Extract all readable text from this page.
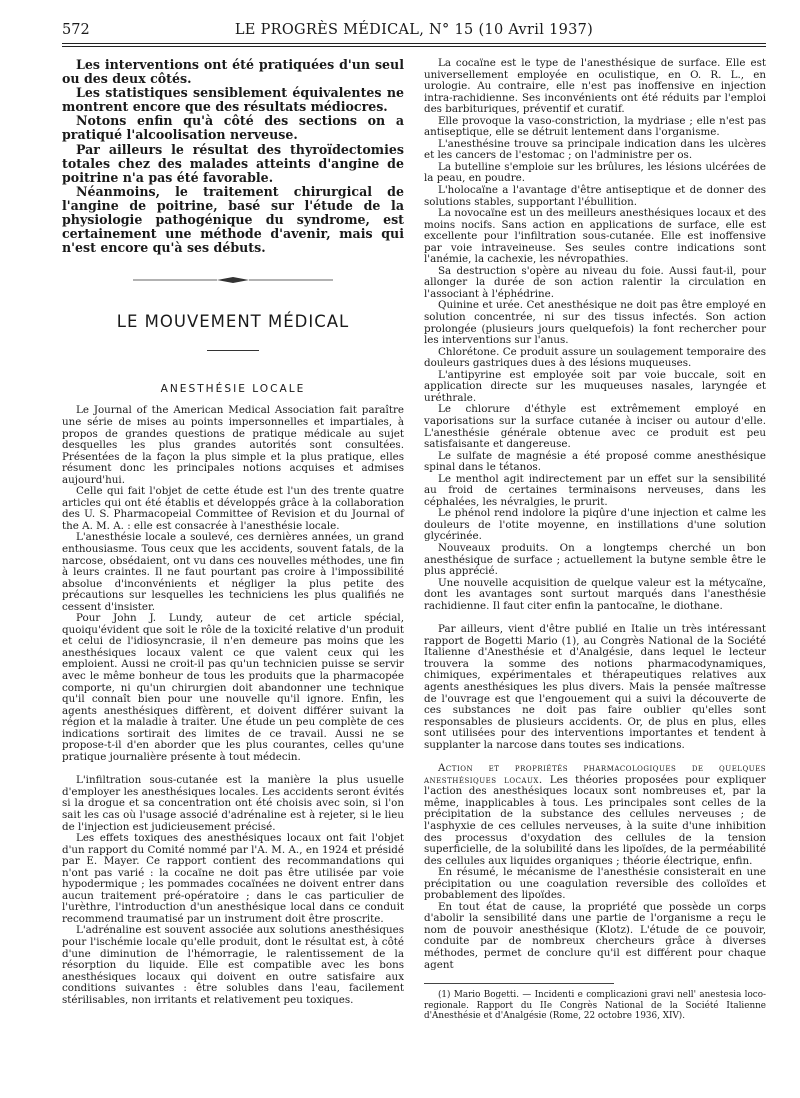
572	LE PROGRÈS MÉDICAL, N° 15 (10 Avril 1937)

Les interventions ont été pratiquées d'un seul ou des deux côtés.

Les statistiques sensiblement équivalentes ne montrent encore que des résultats médiocres.

Notons enfin qu'à côté des sections on a pratiqué l'alcoolisation nerveuse.

Par ailleurs le résultat des thyroïdectomies totales chez des malades atteints d'angine de poitrine n'a pas été favorable.

Néanmoins, le traitement chirurgical de l'angine de poitrine, basé sur l'étude de la physiologie pathogénique du syndrome, est certainement une méthode d'avenir, mais qui n'est encore qu'à ses débuts.

LE MOUVEMENT MÉDICAL
ANESTHÉSIE LOCALE

Le Journal of the American Medical Association fait paraître une série de mises au points impersonnelles et impartiales, à propos de grandes questions de pratique médicale au sujet desquelles les plus grandes autorités sont consultées. Présentées de la façon la plus simple et la plus pratique, elles résument donc les principales notions acquises et admises aujourd'hui.

Celle qui fait l'objet de cette étude est l'un des trente quatre articles qui ont été établis et développés grâce à la collaboration des U. S. Pharmacopeial Committee of Revision et du Journal of the A. M. A. : elle est consacrée à l'anesthésie locale.

L'anesthésie locale a soulevé, ces dernières années, un grand enthousiasme. Tous ceux que les accidents, souvent fatals, de la narcose, obsédaient, ont vu dans ces nouvelles méthodes, une fin à leurs craintes. Il ne faut pourtant pas croire à l'impossibilité absolue d'inconvénients et négliger la plus petite des précautions sur lesquelles les techniciens les plus qualifiés ne cessent d'insister.

Pour John J. Lundy, auteur de cet article spécial, quoiqu'évident que soit le rôle de la toxicité relative d'un produit et celui de l'idiosyncrasie, il n'en demeure pas moins que les anesthésiques locaux valent ce que valent ceux qui les emploient. Aussi ne croit-il pas qu'un technicien puisse se servir avec le même bonheur de tous les produits que la pharmacopée comporte, ni qu'un chirurgien doit abandonner une technique qu'il connaît bien pour une nouvelle qu'il ignore. Enfin, les agents anesthésiques diffèrent, et doivent différer suivant la région et la maladie à traiter. Une étude un peu complète de ces indications sortirait des limites de ce travail. Aussi ne se propose-t-il d'en aborder que les plus courantes, celles qu'une pratique journalière présente à tout médecin.

L'infiltration sous-cutanée est la manière la plus usuelle d'employer les anesthésiques locales. Les accidents seront évités si la drogue et sa concentration ont été choisis avec soin, si l'on sait les cas où l'usage associé d'adrénaline est à rejeter, si le lieu de l'injection est judicieusement précisé.

Les effets toxiques des anesthésiques locaux ont fait l'objet d'un rapport du Comité nommé par l'A. M. A., en 1924 et présidé par E. Mayer. Ce rapport contient des recommandations qui n'ont pas varié : la cocaïne ne doit pas être utilisée par voie hypodermique ; les pommades cocaïnées ne doivent entrer dans aucun traitement pré-opératoire ; dans le cas particulier de l'urèthre, l'introduction d'un anesthésique local dans ce conduit recommend traumatisé par un instrument doit être proscrite.

L'adrénaline est souvent associée aux solutions anesthésiques pour l'ischémie locale qu'elle produit, dont le résultat est, à côté d'une diminution de l'hémorragie, le ralentissement de la résorption du liquide. Elle est compatible avec les bons anesthésiques locaux qui doivent en outre satisfaire aux conditions suivantes : être solubles dans l'eau, facilement stérilisables, non irritants et relativement peu toxiques.

La cocaïne est le type de l'anesthésique de surface. Elle est universellement employée en oculistique, en O. R. L., en urologie. Au contraire, elle n'est pas inoffensive en injection intra-rachidienne. Ses inconvénients ont été réduits par l'emploi des barbituriques, préventif et curatif.

Elle provoque la vaso-constriction, la mydriase ; elle n'est pas antiseptique, elle se détruit lentement dans l'organisme.

L'anesthésine trouve sa principale indication dans les ulcères et les cancers de l'estomac ; on l'administre per os.

La butelline s'emploie sur les brûlures, les lésions ulcérées de la peau, en poudre.

L'holocaïne a l'avantage d'être antiseptique et de donner des solutions stables, supportant l'ébullition.

La novocaïne est un des meilleurs anesthésiques locaux et des moins nocifs. Sans action en applications de surface, elle est excellente pour l'infiltration sous-cutanée. Elle est inoffensive par voie intraveineuse. Ses seules contre indications sont l'anémie, la cachexie, les névropathies.

Sa destruction s'opère au niveau du foie. Aussi faut-il, pour allonger la durée de son action ralentir la circulation en l'associant à l'éphédrine.

Quinine et urée. Cet anesthésique ne doit pas être employé en solution concentrée, ni sur des tissus infectés. Son action prolongée (plusieurs jours quelquefois) la font rechercher pour les interventions sur l'anus.

Chlorétone. Ce produit assure un soulagement temporaire des douleurs gastriques dues à des lésions muqueuses.

L'antipyrine est employée soit par voie buccale, soit en application directe sur les muqueuses nasales, laryngée et uréthrale.

Le chlorure d'éthyle est extrêmement employé en vaporisations sur la surface cutanée à inciser ou autour d'elle. L'anesthésie générale obtenue avec ce produit est peu satisfaisante et dangereuse.

Le sulfate de magnésie a été proposé comme anesthésique spinal dans le tétanos.

Le menthol agit indirectement par un effet sur la sensibilité au froid de certaines terminaisons nerveuses, dans les céphalées, les névralgies, le prurit.

Le phénol rend indolore la piqûre d'une injection et calme les douleurs de l'otite moyenne, en instillations d'une solution glycérinée.

Nouveaux produits. On a longtemps cherché un bon anesthésique de surface ; actuellement la butyne semble être le plus apprécié.

Une nouvelle acquisition de quelque valeur est la métycaïne, dont les avantages sont surtout marqués dans l'anesthésie rachidienne. Il faut citer enfin la pantocaïne, le diothane.

Par ailleurs, vient d'être publié en Italie un très intéressant rapport de Bogetti Mario (1), au Congrès National de la Société Italienne d'Anesthésie et d'Analgésie, dans lequel le lecteur trouvera la somme des notions pharmacodynamiques, chimiques, expérimentales et thérapeutiques relatives aux agents anesthésiques les plus divers. Mais la pensée maîtresse de l'ouvrage est que l'engouement qui a suivi la découverte de ces substances ne doit pas faire oublier qu'elles sont responsables de plusieurs accidents. Or, de plus en plus, elles sont utilisées pour des interventions importantes et tendent à supplanter la narcose dans toutes ses indications.

Action et propriétés pharmacologiques de quelques anesthésiques locaux. Les théories proposées pour expliquer l'action des anesthésiques locaux sont nombreuses et, par la même, inapplicables à tous. Les principales sont celles de la précipitation de la substance des cellules nerveuses ; de l'asphyxie de ces cellules nerveuses, à la suite d'une inhibition des processus d'oxydation des cellules de la tension superficielle, de la solubilité dans les lipoïdes, de la perméabilité des cellules aux liquides organiques ; théorie électrique, enfin.

En résumé, le mécanisme de l'anesthésie consisterait en une précipitation ou une coagulation reversible des colloïdes et probablement des lipoïdes.

En tout état de cause, la propriété que possède un corps d'abolir la sensibilité dans une partie de l'organisme a reçu le nom de pouvoir anesthésique (Klotz). L'étude de ce pouvoir, conduite par de nombreux chercheurs grâce à diverses méthodes, permet de conclure qu'il est différent pour chaque agent

(1) Mario Bogetti. — Incidenti e complicazioni gravi nell' anestesia loco-regionale. Rapport du IIe Congrès National de la Société Italienne d'Anesthésie et d'Analgésie (Rome, 22 octobre 1936, XIV).
